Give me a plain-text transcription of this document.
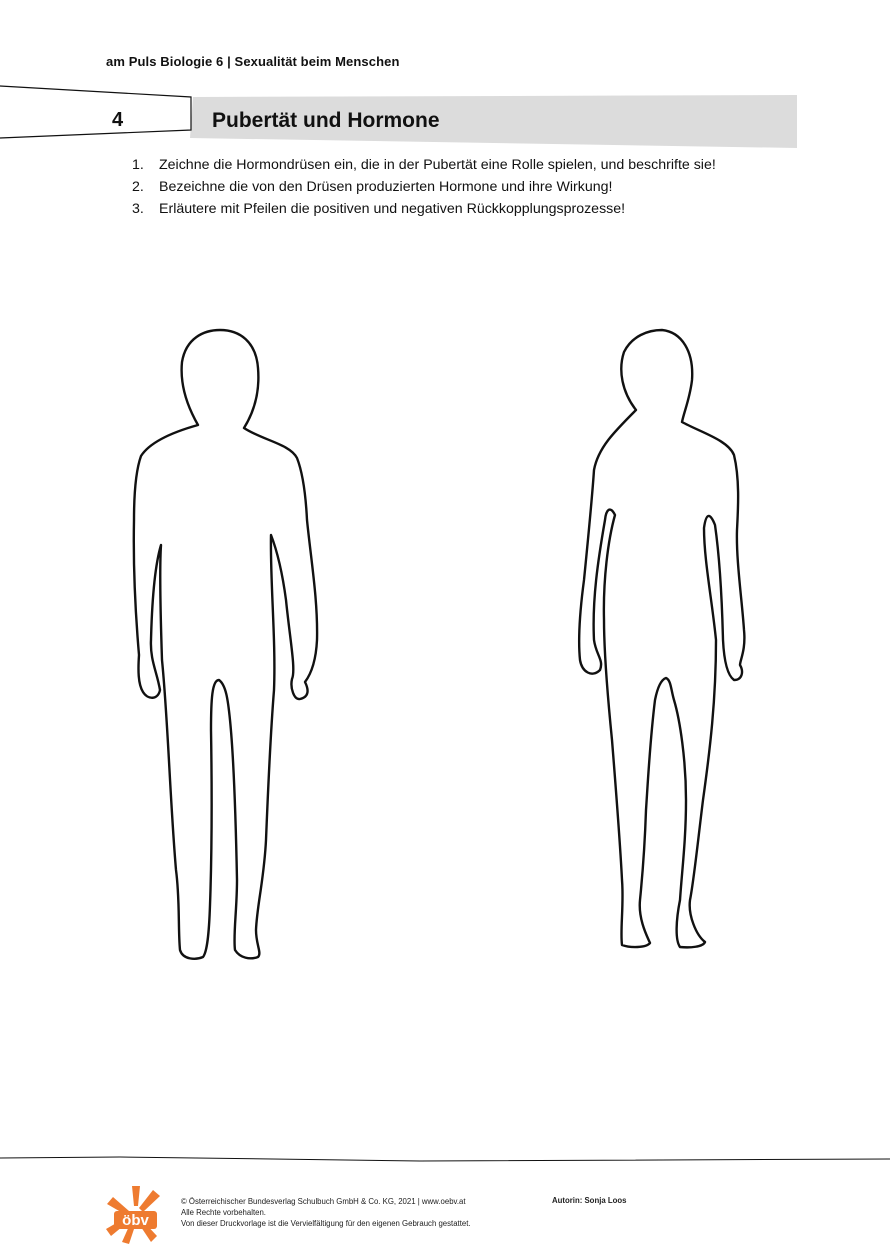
am Puls Biologie 6 | Sexualität beim Menschen
4	Pubertät und Hormone
1. Zeichne die Hormondrüsen ein, die in der Pubertät eine Rolle spielen, und beschrifte sie!
2. Bezeichne die von den Drüsen produzierten Hormone und ihre Wirkung!
3. Erläutere mit Pfeilen die positiven und negativen Rückkopplungsprozesse!
öbv
© Österreichischer Bundesverlag Schulbuch GmbH & Co. KG, 2021 | www.oebv.at
Alle Rechte vorbehalten.
Von dieser Druckvorlage ist die Vervielfältigung für den eigenen Gebrauch gestattet.
Autorin: Sonja Loos
